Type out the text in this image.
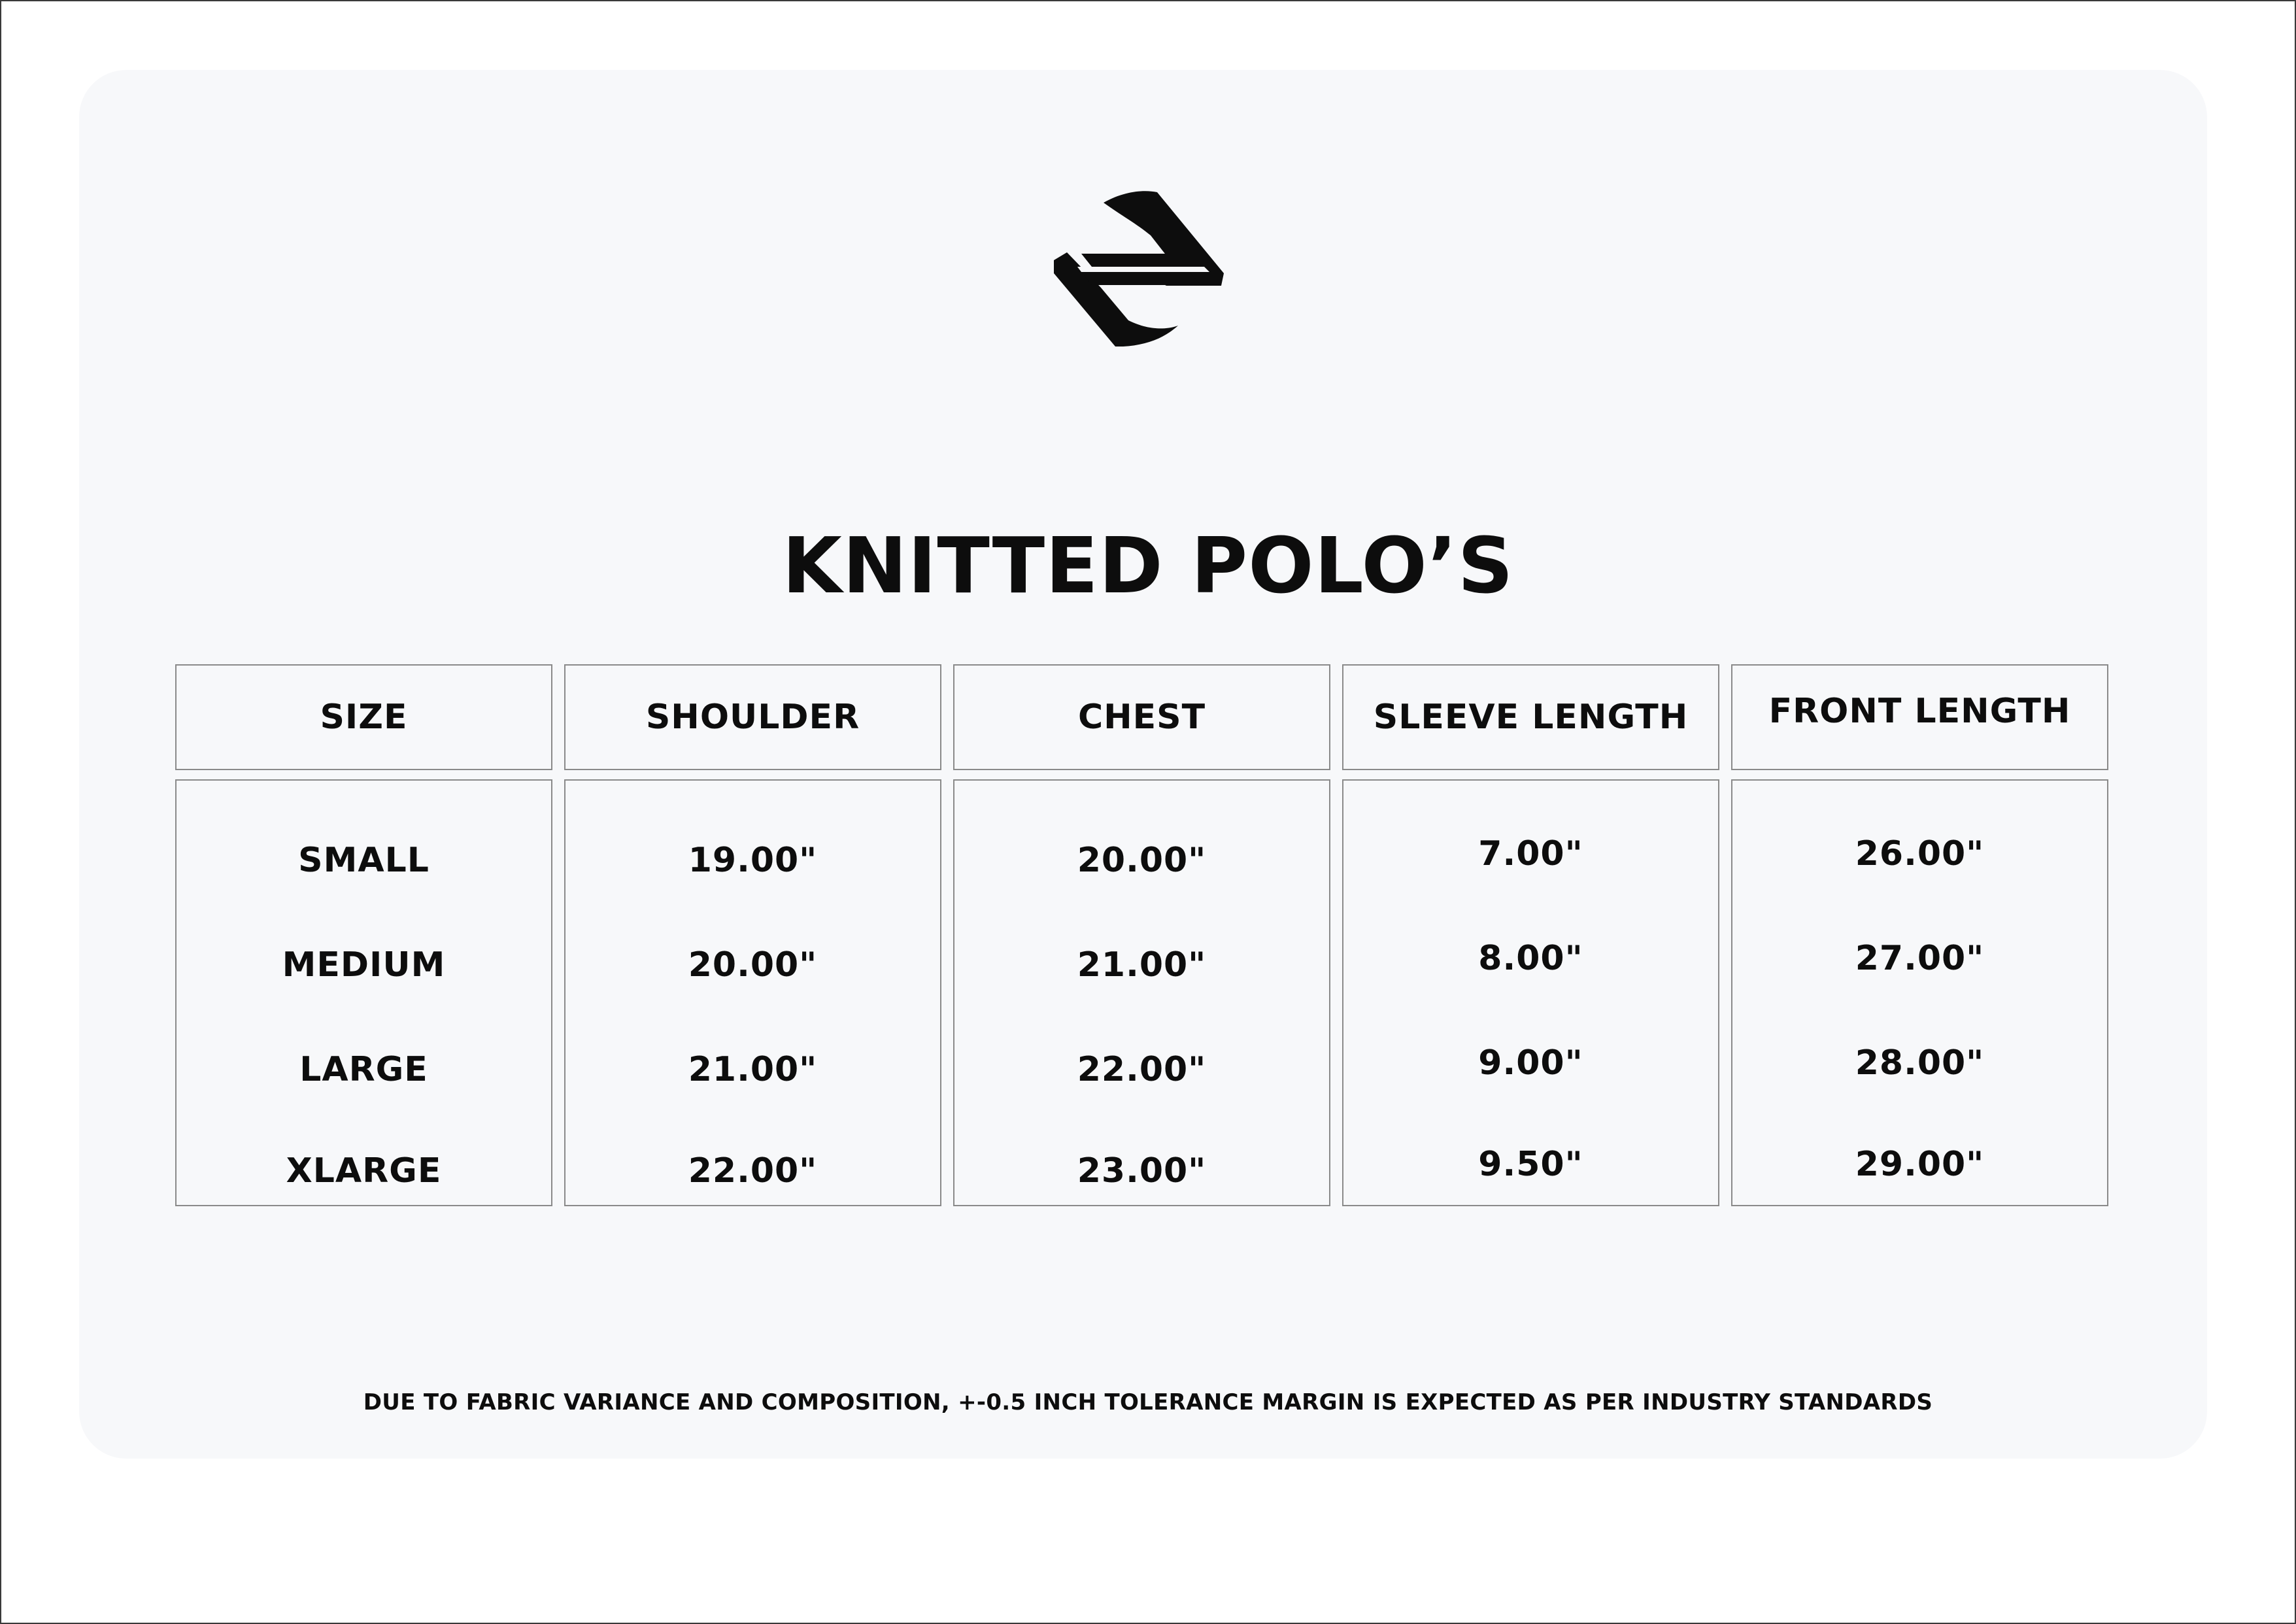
KNITTED POLO’S
SIZE
SMALL
MEDIUM
LARGE
XLARGE
SHOULDER
19.00"
20.00"
21.00"
22.00"
CHEST
20.00"
21.00"
22.00"
23.00"
SLEEVE LENGTH
7.00"
8.00"
9.00"
9.50"
FRONT LENGTH
26.00"
27.00"
28.00"
29.00"
DUE TO FABRIC VARIANCE AND COMPOSITION, +-0.5 INCH TOLERANCE MARGIN IS EXPECTED AS PER INDUSTRY STANDARDS
